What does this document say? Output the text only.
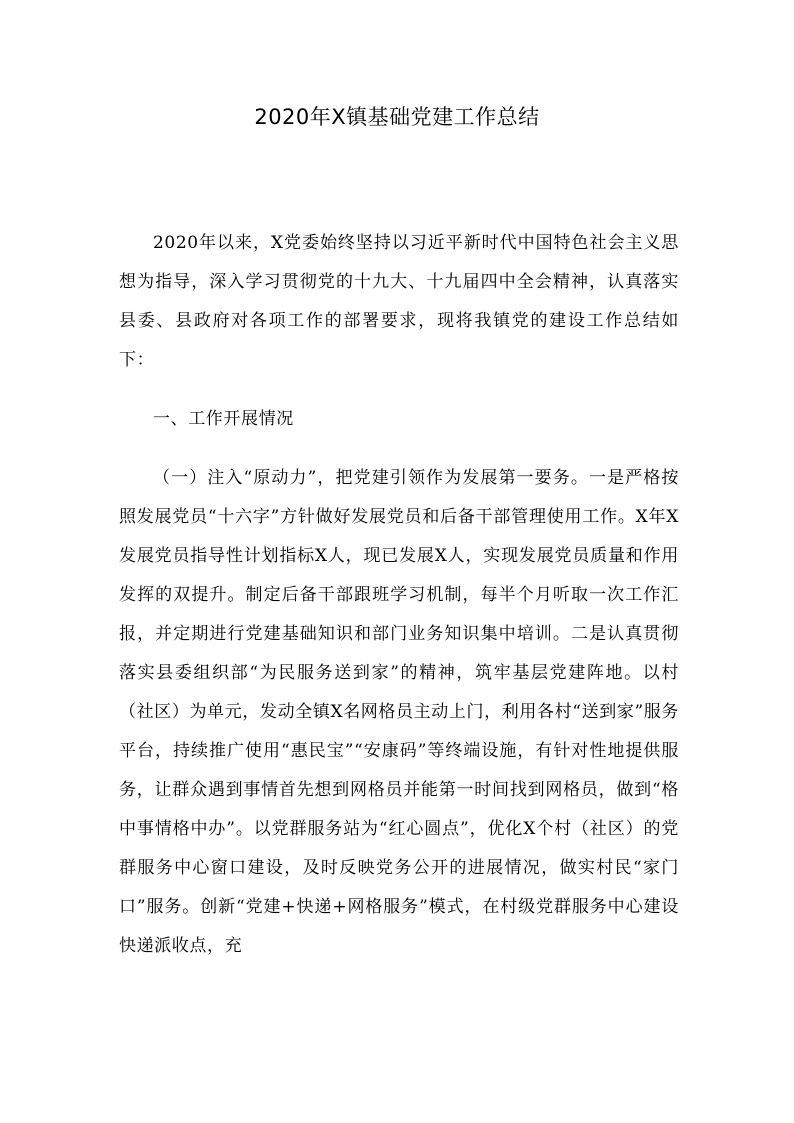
2020年X镇基础党建工作总结

2020年以来，X党委始终坚持以习近平新时代中国特色社会主义思想为指导，深入学习贯彻党的十九大、十九届四中全会精神，认真落实县委、县政府对各项工作的部署要求，现将我镇党的建设工作总结如下：

一、工作开展情况

（一）注入“原动力”，把党建引领作为发展第一要务。一是严格按照发展党员“十六字”方针做好发展党员和后备干部管理使用工作。X年X发展党员指导性计划指标X人，现已发展X人，实现发展党员质量和作用发挥的双提升。制定后备干部跟班学习机制，每半个月听取一次工作汇报，并定期进行党建基础知识和部门业务知识集中培训。二是认真贯彻落实县委组织部“为民服务送到家”的精神，筑牢基层党建阵地。以村（社区）为单元，发动全镇X名网格员主动上门，利用各村“送到家”服务平台，持续推广使用“惠民宝”“安康码”等终端设施，有针对性地提供服务，让群众遇到事情首先想到网格员并能第一时间找到网格员，做到“格中事情格中办”。以党群服务站为“红心圆点”，优化X个村（社区）的党群服务中心窗口建设，及时反映党务公开的进展情况，做实村民“家门口”服务。创新“党建+快递+网格服务”模式，在村级党群服务中心建设快递派收点，充
